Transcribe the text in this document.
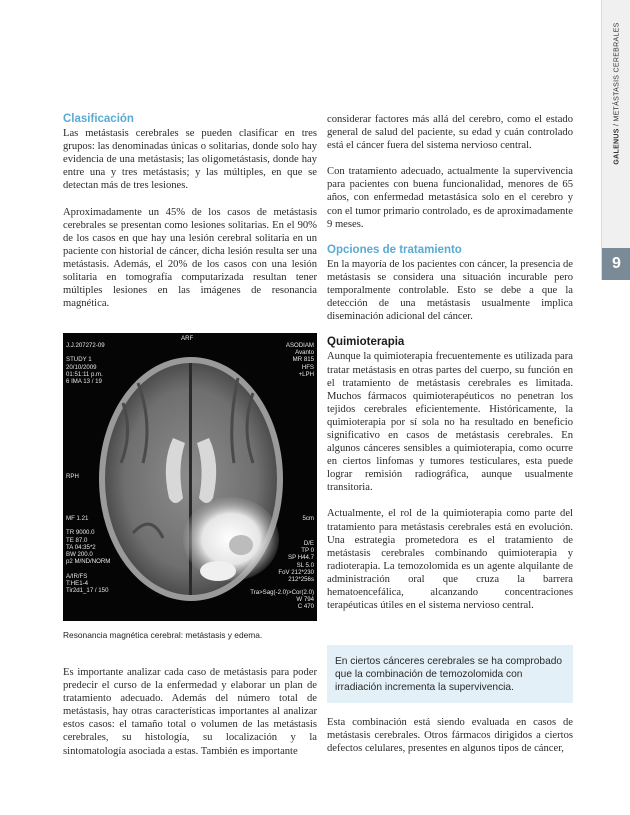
GALENUS / METÁSTASIS CEREBRALES
9
Clasificación

Las metástasis cerebrales se pueden clasificar en tres grupos: las denominadas únicas o solitarias, donde solo hay evidencia de una metástasis; las oligometástasis, donde hay entre una y tres metástasis; y las múltiples, en que se detectan más de tres lesiones.

Aproximadamente un 45% de los casos de metástasis cerebrales se presentan como lesiones solitarias. En el 90% de los casos en que hay una lesión cerebral solitaria en un paciente con historial de cáncer, dicha lesión resulta ser una metástasis. Además, el 20% de los casos con una lesión solitaria en tomografía computarizada resultan tener múltiples lesiones en las imágenes de resonancia magnética.

ARF
J.J.207272-09

STUDY 1
20/10/2009
01:51:11 p.m.
6 IMA 13 / 19
ASODIAM
Avanto
MR 815
HFS
+LPH
RPH
MF 1.21

TR 9000.0
TE 87.0
TA 04:35*2
BW 200.0
p2 M/ND/NORM

A/IR/FS
T:HE1-4
Tir2d1_17 / 150
5cm
D/E
TP 0
SP H44.7
SL 5.0
FoV 212*230
212*256s
Tra>Sag(-2.0)>Cor(2.0)
W 794
C 470
Resonancia magnética cerebral: metástasis y edema.

Es importante analizar cada caso de metástasis para poder predecir el curso de la enfermedad y elaborar un plan de tratamiento adecuado. Además del número total de metástasis, hay otras características importantes al analizar estos casos: el tamaño total o volumen de las metástasis cerebrales, su histología, su localización y la sintomatología asociada a estas. También es importante

considerar factores más allá del cerebro, como el estado general de salud del paciente, su edad y cuán controlado está el cáncer fuera del sistema nervioso central.

Con tratamiento adecuado, actualmente la supervivencia para pacientes con buena funcionalidad, menores de 65 años, con enfermedad metastásica solo en el cerebro y con el tumor primario controlado, es de aproximadamente 9 meses.

Opciones de tratamiento

En la mayoría de los pacientes con cáncer, la presencia de metástasis se considera una situación incurable pero temporalmente controlable. Esto se debe a que la detección de una metástasis usualmente implica diseminación adicional del cáncer.

Quimioterapia

Aunque la quimioterapia frecuentemente es utilizada para tratar metástasis en otras partes del cuerpo, su función en el tratamiento de metástasis cerebrales es limitada. Muchos fármacos quimioterapéuticos no penetran los tejidos cerebrales eficientemente. Históricamente, la quimioterapia por sí sola no ha resultado en beneficio significativo en casos de metástasis cerebrales. En algunos cánceres sensibles a quimioterapia, como ocurre en ciertos linfomas y tumores testiculares, esta puede lograr remisión radiográfica, aunque usualmente transitoria.

Actualmente, el rol de la quimioterapia como parte del tratamiento para metástasis cerebrales está en evolución. Una estrategia prometedora es el tratamiento de metástasis cerebrales combinando quimioterapia y radioterapia. La temozolomida es un agente alquilante de administración oral que cruza la barrera hematoencefálica, alcanzando concentraciones terapéuticas útiles en el sistema nervioso central.

En ciertos cánceres cerebrales se ha comprobado que la combinación de temozolomida con irradiación incrementa la supervivencia.

Esta combinación está siendo evaluada en casos de metástasis cerebrales. Otros fármacos dirigidos a ciertos defectos celulares, presentes en algunos tipos de cáncer,
